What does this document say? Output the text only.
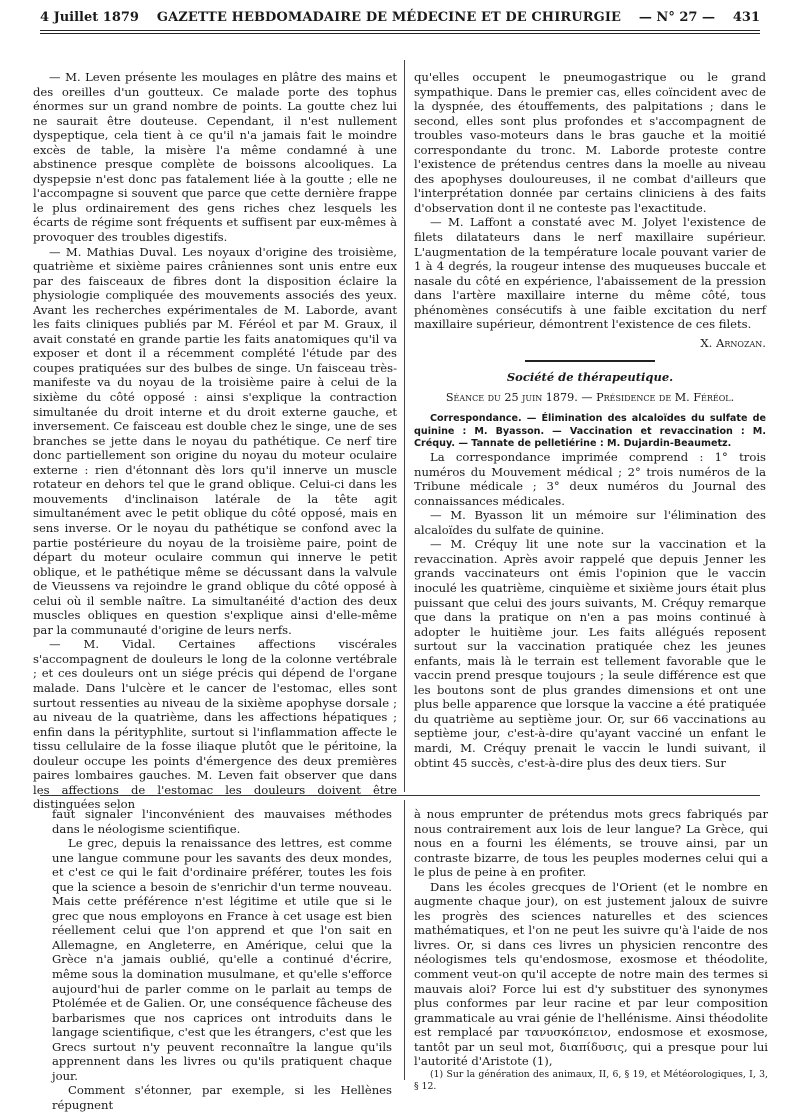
4 Juillet 1879 GAZETTE HEBDOMADAIRE DE MÉDECINE ET DE CHIRURGIE — N° 27 — 431

— M. Leven présente les moulages en plâtre des mains et des oreilles d'un goutteux. Ce malade porte des tophus énormes sur un grand nombre de points. La goutte chez lui ne saurait être douteuse. Cependant, il n'est nullement dyspeptique, cela tient à ce qu'il n'a jamais fait le moindre excès de table, la misère l'a même condamné à une abstinence presque complète de boissons alcooliques. La dyspepsie n'est donc pas fatalement liée à la goutte ; elle ne l'accompagne si souvent que parce que cette dernière frappe le plus ordinairement des gens riches chez lesquels les écarts de régime sont fréquents et suffisent par eux-mêmes à provoquer des troubles digestifs.

— M. Mathias Duval. Les noyaux d'origine des troisième, quatrième et sixième paires crâniennes sont unis entre eux par des faisceaux de fibres dont la disposition éclaire la physiologie compliquée des mouvements associés des yeux. Avant les recherches expérimentales de M. Laborde, avant les faits cliniques publiés par M. Féréol et par M. Graux, il avait constaté en grande partie les faits anatomiques qu'il va exposer et dont il a récemment complété l'étude par des coupes pratiquées sur des bulbes de singe. Un faisceau très-manifeste va du noyau de la troisième paire à celui de la sixième du côté opposé : ainsi s'explique la contraction simultanée du droit interne et du droit externe gauche, et inversement. Ce faisceau est double chez le singe, une de ses branches se jette dans le noyau du pathétique. Ce nerf tire donc partiellement son origine du noyau du moteur oculaire externe : rien d'étonnant dès lors qu'il innerve un muscle rotateur en dehors tel que le grand oblique. Celui-ci dans les mouvements d'inclinaison latérale de la tête agit simultanément avec le petit oblique du côté opposé, mais en sens inverse. Or le noyau du pathétique se confond avec la partie postérieure du noyau de la troisième paire, point de départ du moteur oculaire commun qui innerve le petit oblique, et le pathétique même se décussant dans la valvule de Vieussens va rejoindre le grand oblique du côté opposé à celui où il semble naître. La simultanéité d'action des deux muscles obliques en question s'explique ainsi d'elle-même par la communauté d'origine de leurs nerfs.

— M. Vidal. Certaines affections viscérales s'accompagnent de douleurs le long de la colonne vertébrale ; et ces douleurs ont un siége précis qui dépend de l'organe malade. Dans l'ulcère et le cancer de l'estomac, elles sont surtout ressenties au niveau de la sixième apophyse dorsale ; au niveau de la quatrième, dans les affections hépatiques ; enfin dans la pérityphlite, surtout si l'inflammation affecte le tissu cellulaire de la fosse iliaque plutôt que le péritoine, la douleur occupe les points d'émergence des deux premières paires lombaires gauches. M. Leven fait observer que dans les affections de l'estomac les douleurs doivent être distinguées selon

qu'elles occupent le pneumogastrique ou le grand sympathique. Dans le premier cas, elles coïncident avec de la dyspnée, des étouffements, des palpitations ; dans le second, elles sont plus profondes et s'accompagnent de troubles vaso-moteurs dans le bras gauche et la moitié correspondante du tronc. M. Laborde proteste contre l'existence de prétendus centres dans la moelle au niveau des apophyses douloureuses, il ne combat d'ailleurs que l'interprétation donnée par certains cliniciens à des faits d'observation dont il ne conteste pas l'exactitude.

— M. Laffont a constaté avec M. Jolyet l'existence de filets dilatateurs dans le nerf maxillaire supérieur. L'augmentation de la température locale pouvant varier de 1 à 4 degrés, la rougeur intense des muqueuses buccale et nasale du côté en expérience, l'abaissement de la pression dans l'artère maxillaire interne du même côté, tous phénomènes consécutifs à une faible excitation du nerf maxillaire supérieur, démontrent l'existence de ces filets.

X. Arnozan.
Société de thérapeutique.
Séance du 25 juin 1879. — Présidence de M. Féréol.

Correspondance. — Élimination des alcaloïdes du sulfate de quinine : M. Byasson. — Vaccination et revaccination : M. Créquy. — Tannate de pelletiérine : M. Dujardin-Beaumetz.

La correspondance imprimée comprend : 1° trois numéros du Mouvement médical ; 2° trois numéros de la Tribune médicale ; 3° deux numéros du Journal des connaissances médicales.

— M. Byasson lit un mémoire sur l'élimination des alcaloïdes du sulfate de quinine.

— M. Créquy lit une note sur la vaccination et la revaccination. Après avoir rappelé que depuis Jenner les grands vaccinateurs ont émis l'opinion que le vaccin inoculé les quatrième, cinquième et sixième jours était plus puissant que celui des jours suivants, M. Créquy remarque que dans la pratique on n'en a pas moins continué à adopter le huitième jour. Les faits allégués reposent surtout sur la vaccination pratiquée chez les jeunes enfants, mais là le terrain est tellement favorable que le vaccin prend presque toujours ; la seule différence est que les boutons sont de plus grandes dimensions et ont une plus belle apparence que lorsque la vaccine a été pratiquée du quatrième au septième jour. Or, sur 66 vaccinations au septième jour, c'est-à-dire qu'ayant vacciné un enfant le mardi, M. Créquy prenait le vaccin le lundi suivant, il obtint 45 succès, c'est-à-dire plus des deux tiers. Sur

faut signaler l'inconvénient des mauvaises méthodes dans le néologisme scientifique.

Le grec, depuis la renaissance des lettres, est comme une langue commune pour les savants des deux mondes, et c'est ce qui le fait d'ordinaire préférer, toutes les fois que la science a besoin de s'enrichir d'un terme nouveau. Mais cette préférence n'est légitime et utile que si le grec que nous employons en France à cet usage est bien réellement celui que l'on apprend et que l'on sait en Allemagne, en Angleterre, en Amérique, celui que la Grèce n'a jamais oublié, qu'elle a continué d'écrire, même sous la domination musulmane, et qu'elle s'efforce aujourd'hui de parler comme on le parlait au temps de Ptolémée et de Galien. Or, une conséquence fâcheuse des barbarismes que nos caprices ont introduits dans le langage scientifique, c'est que les étrangers, c'est que les Grecs surtout n'y peuvent reconnaître la langue qu'ils apprennent dans les livres ou qu'ils pratiquent chaque jour.

Comment s'étonner, par exemple, si les Hellènes répugnent

à nous emprunter de prétendus mots grecs fabriqués par nous contrairement aux lois de leur langue? La Grèce, qui nous en a fourni les éléments, se trouve ainsi, par un contraste bizarre, de tous les peuples modernes celui qui a le plus de peine à en profiter.

Dans les écoles grecques de l'Orient (et le nombre en augmente chaque jour), on est justement jaloux de suivre les progrès des sciences naturelles et des sciences mathématiques, et l'on ne peut les suivre qu'à l'aide de nos livres. Or, si dans ces livres un physicien rencontre des néologismes tels qu'endosmose, exosmose et théodolite, comment veut-on qu'il accepte de notre main des termes si mauvais aloi? Force lui est d'y substituer des synonymes plus conformes par leur racine et par leur composition grammaticale au vrai génie de l'hellénisme. Ainsi théodolite est remplacé par τανυσκόπειον, endosmose et exosmose, tantôt par un seul mot, διαπίδυσις, qui a presque pour lui l'autorité d'Aristote (1),

(1) Sur la génération des animaux, II, 6, § 19, et Météorologiques, I, 3, § 12.
